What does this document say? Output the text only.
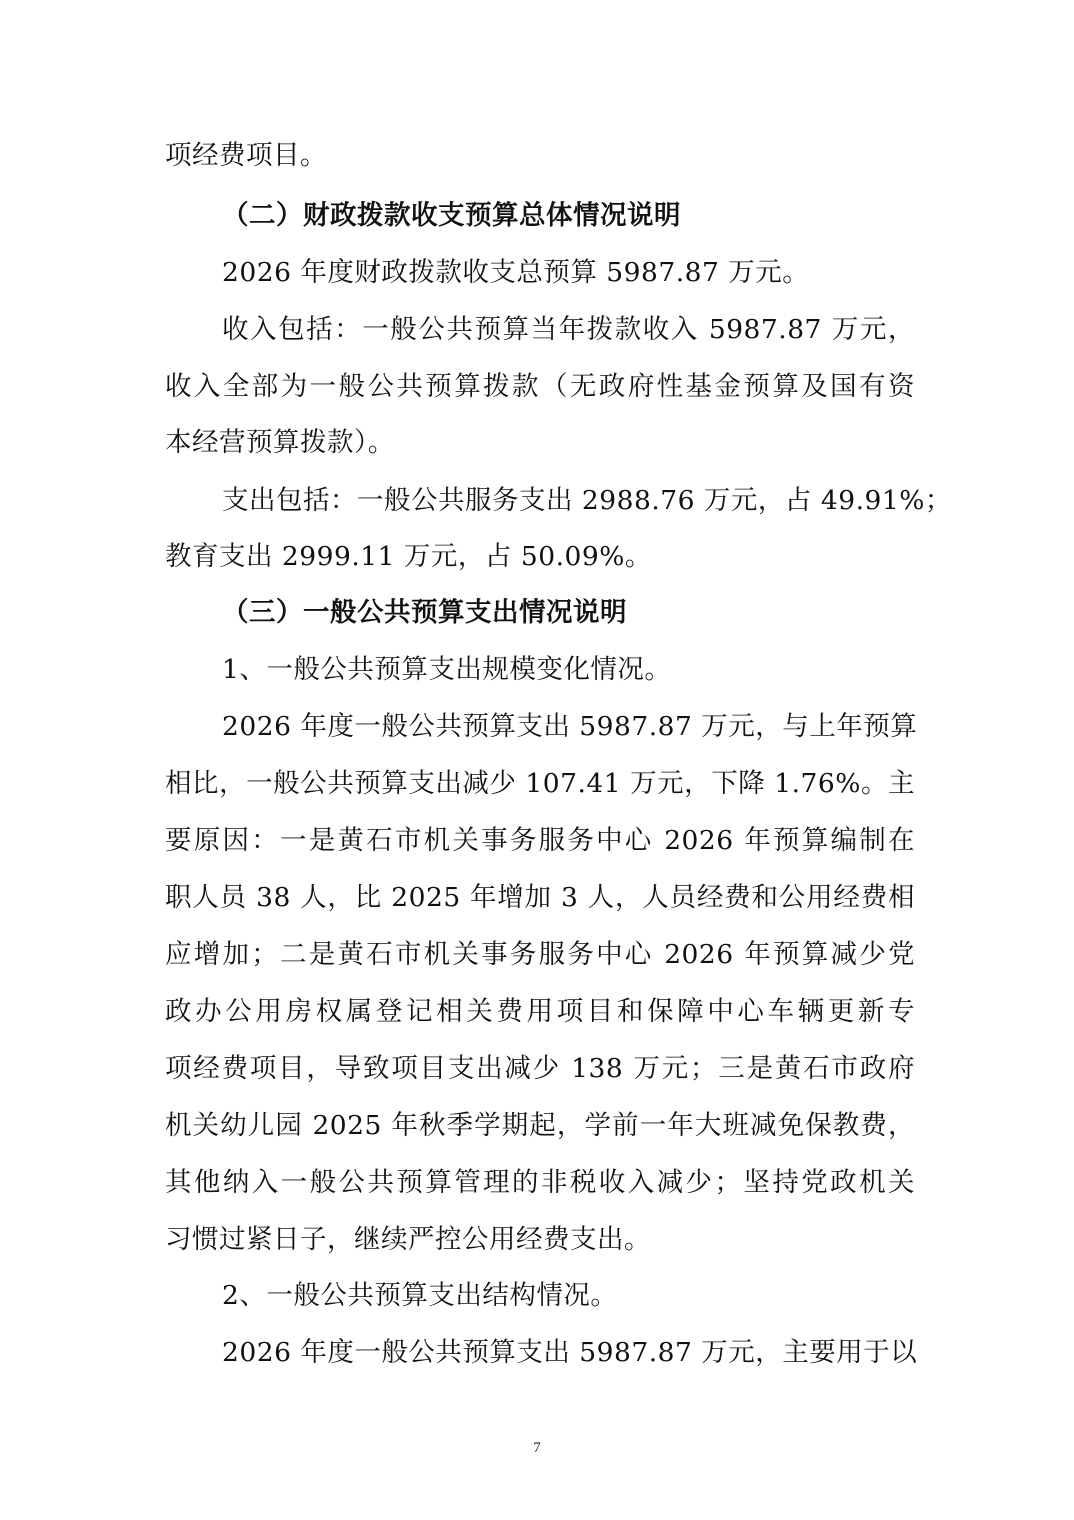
项经费项目。
（二）财政拨款收支预算总体情况说明
2026 年度财政拨款收支总预算 5987.87 万元。
收入包括：一般公共预算当年拨款收入 5987.87 万元，
收入全部为一般公共预算拨款（无政府性基金预算及国有资
本经营预算拨款）。
支出包括：一般公共服务支出 2988.76 万元，占 49.91%；
教育支出 2999.11 万元，占 50.09%。
（三）一般公共预算支出情况说明
1、一般公共预算支出规模变化情况。
2026 年度一般公共预算支出 5987.87 万元，与上年预算
相比，一般公共预算支出减少 107.41 万元，下降 1.76%。主
要原因：一是黄石市机关事务服务中心 2026 年预算编制在
职人员 38 人，比 2025 年增加 3 人，人员经费和公用经费相
应增加；二是黄石市机关事务服务中心 2026 年预算减少党
政办公用房权属登记相关费用项目和保障中心车辆更新专
项经费项目，导致项目支出减少 138 万元；三是黄石市政府
机关幼儿园 2025 年秋季学期起，学前一年大班减免保教费，
其他纳入一般公共预算管理的非税收入减少；坚持党政机关
习惯过紧日子，继续严控公用经费支出。
2、一般公共预算支出结构情况。
2026 年度一般公共预算支出 5987.87 万元，主要用于以
7
